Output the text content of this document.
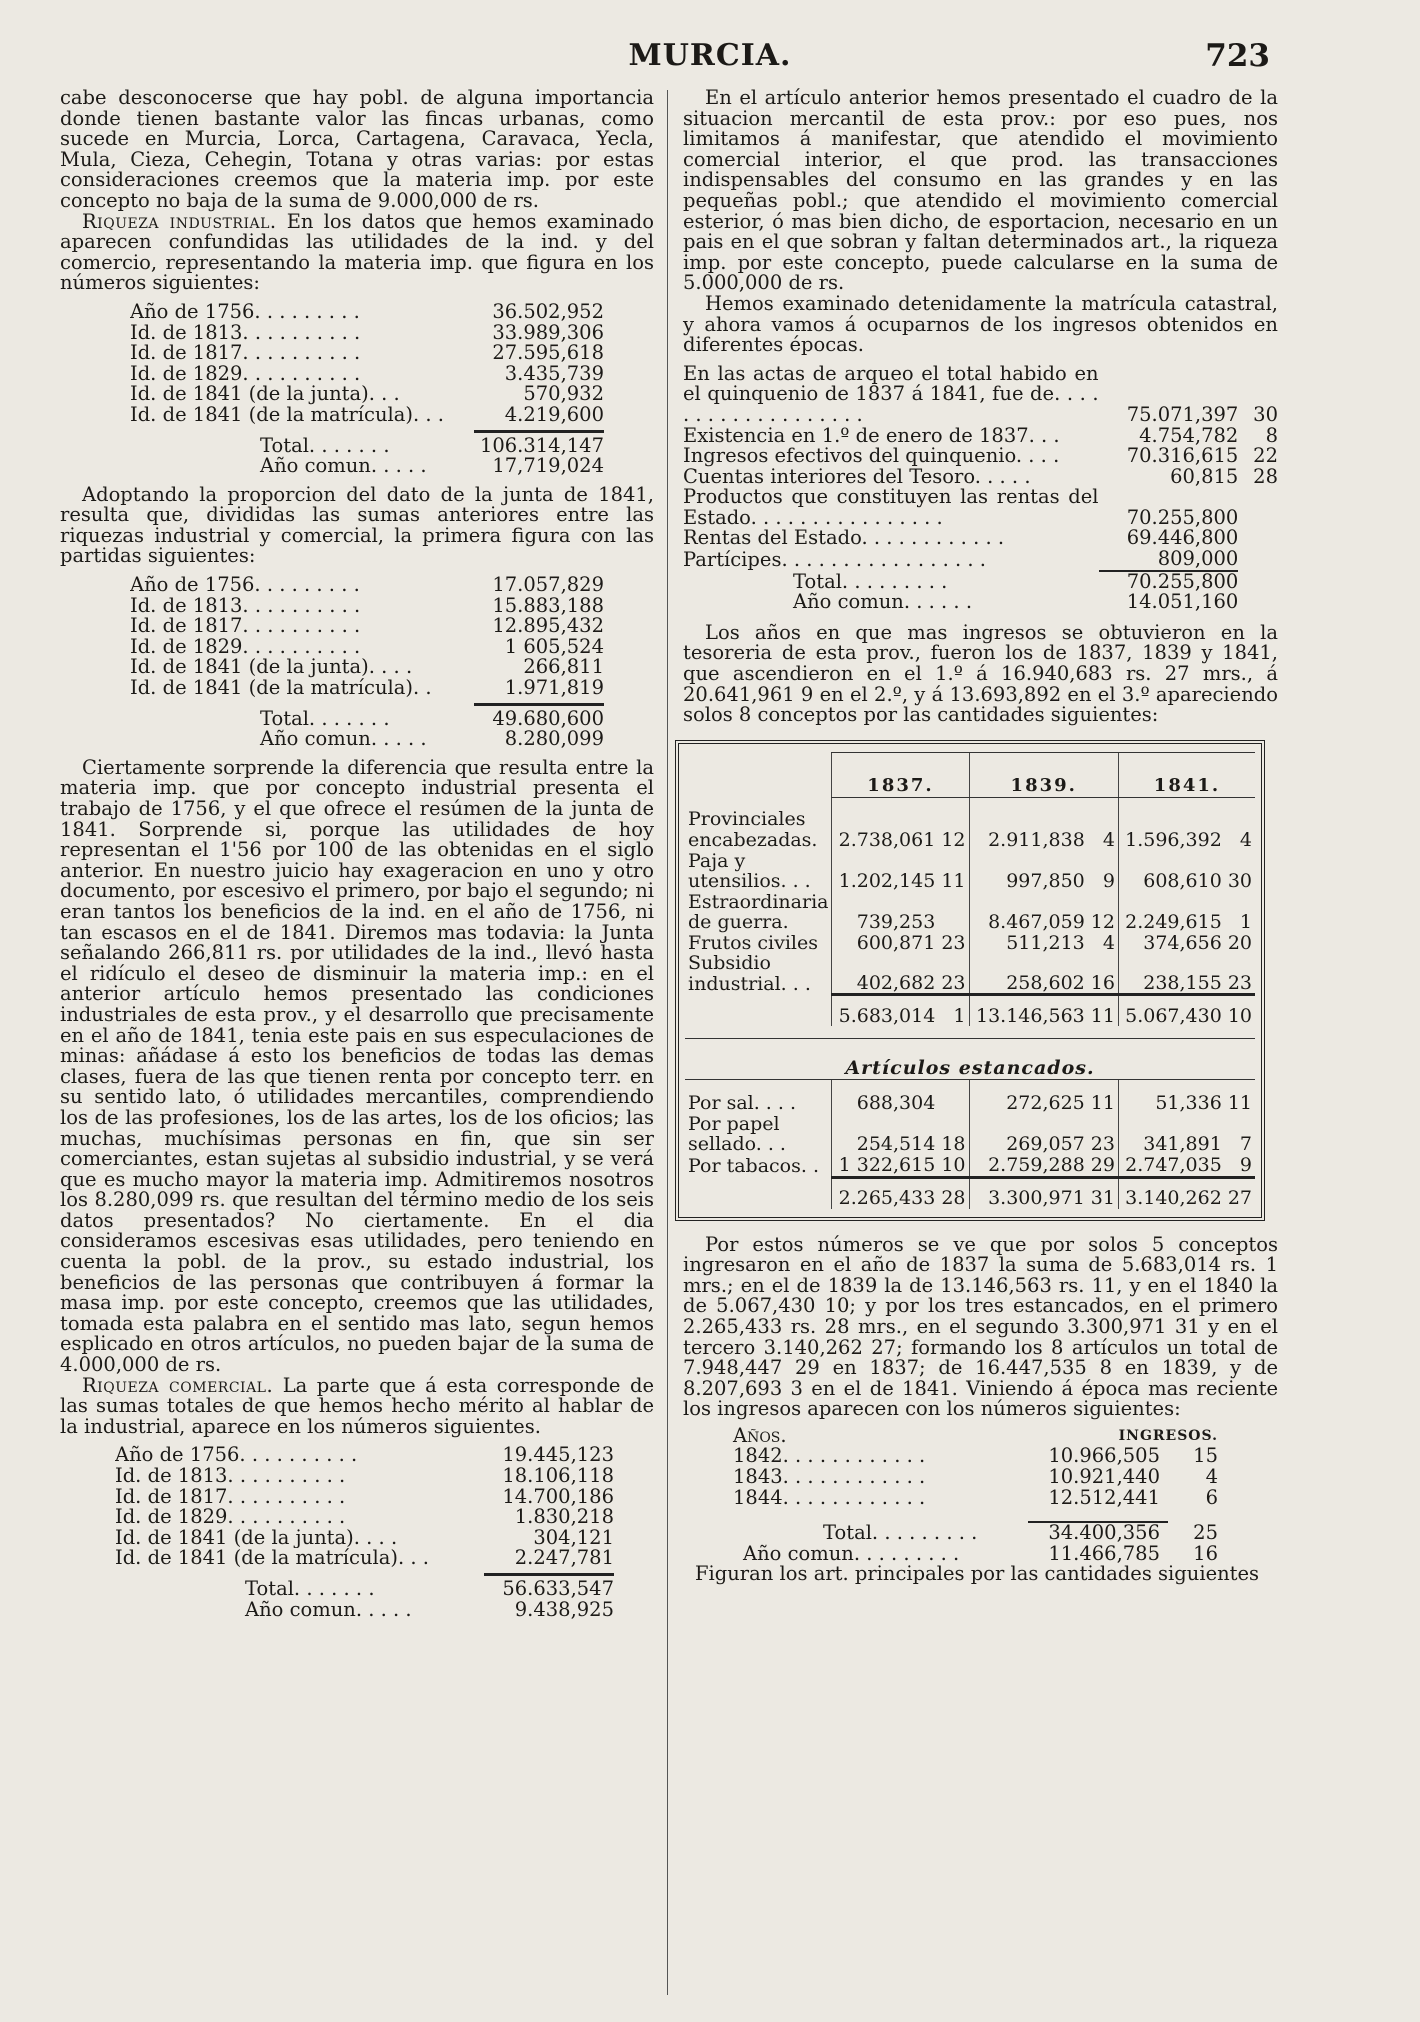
MURCIA.	723

cabe desconocerse que hay pobl. de alguna importancia donde tienen bastante valor las fincas urbanas, como sucede en Murcia, Lorca, Cartagena, Caravaca, Yecla, Mula, Cieza, Cehegin, Totana y otras varias: por estas consideraciones creemos que la materia imp. por este concepto no baja de la suma de 9.000,000 de rs.

Riqueza industrial. En los datos que hemos examinado aparecen confundidas las utilidades de la ind. y del comercio, representando la materia imp. que figura en los números siguientes:

Año de 1756. . . . . . . . .	36.502,952
Id. de 1813. . . . . . . . . .	33.989,306
Id. de 1817. . . . . . . . . .	27.595,618
Id. de 1829. . . . . . . . . .	3.435,739
Id. de 1841 (de la junta). . .	570,932
Id. de 1841 (de la matrícula). . .	4.219,600
Total. . . . . . .	106.314,147
Año comun. . . . .	17,719,024

Adoptando la proporcion del dato de la junta de 1841, resulta que, divididas las sumas anteriores entre las riquezas industrial y comercial, la primera figura con las partidas siguientes:

Año de 1756. . . . . . . . .	17.057,829
Id. de 1813. . . . . . . . . .	15.883,188
Id. de 1817. . . . . . . . . .	12.895,432
Id. de 1829. . . . . . . . . .	1 605,524
Id. de 1841 (de la junta). . . .	266,811
Id. de 1841 (de la matrícula). .	1.971,819
Total. . . . . . .	49.680,600
Año comun. . . . .	8.280,099

Ciertamente sorprende la diferencia que resulta entre la materia imp. que por concepto industrial presenta el trabajo de 1756, y el que ofrece el resúmen de la junta de 1841. Sorprende si, porque las utilidades de hoy representan el 1'56 por 100 de las obtenidas en el siglo anterior. En nuestro juicio hay exageracion en uno y otro documento, por escesivo el primero, por bajo el segundo; ni eran tantos los beneficios de la ind. en el año de 1756, ni tan escasos en el de 1841. Diremos mas todavia: la Junta señalando 266,811 rs. por utilidades de la ind., llevó hasta el ridículo el deseo de disminuir la materia imp.: en el anterior artículo hemos presentado las condiciones industriales de esta prov., y el desarrollo que precisamente en el año de 1841, tenia este pais en sus especulaciones de minas: añádase á esto los beneficios de todas las demas clases, fuera de las que tienen renta por concepto terr. en su sentido lato, ó utilidades mercantiles, comprendiendo los de las profesiones, los de las artes, los de los oficios; las muchas, muchísimas personas en fin, que sin ser comerciantes, estan sujetas al subsidio industrial, y se verá que es mucho mayor la materia imp. Admitiremos nosotros los 8.280,099 rs. que resultan del término medio de los seis datos presentados? No ciertamente. En el dia consideramos escesivas esas utilidades, pero teniendo en cuenta la pobl. de la prov., su estado industrial, los beneficios de las personas que contribuyen á formar la masa imp. por este concepto, creemos que las utilidades, tomada esta palabra en el sentido mas lato, segun hemos esplicado en otros artículos, no pueden bajar de la suma de 4.000,000 de rs.

Riqueza comercial. La parte que á esta corresponde de las sumas totales de que hemos hecho mérito al hablar de la industrial, aparece en los números siguientes.

Año de 1756. . . . . . . . . .	19.445,123
Id. de 1813. . . . . . . . . .	18.106,118
Id. de 1817. . . . . . . . . .	14.700,186
Id. de 1829. . . . . . . . . .	1.830,218
Id. de 1841 (de la junta). . . .	304,121
Id. de 1841 (de la matrícula). . .	2.247,781
Total. . . . . . .	56.633,547
Año comun. . . . .	9.438,925

En el artículo anterior hemos presentado el cuadro de la situacion mercantil de esta prov.: por eso pues, nos limitamos á manifestar, que atendido el movimiento comercial interior, el que prod. las transacciones indispensables del consumo en las grandes y en las pequeñas pobl.; que atendido el movimiento comercial esterior, ó mas bien dicho, de esportacion, necesario en un pais en el que sobran y faltan determinados art., la riqueza imp. por este concepto, puede calcularse en la suma de 5.000,000 de rs.

Hemos examinado detenidamente la matrícula catastral, y ahora vamos á ocuparnos de los ingresos obtenidos en diferentes épocas.

En las actas de arqueo el total habido en el quinquenio de 1837 á 1841, fue de. . . . . . . . . . . . . . . . . . .	75.071,397	30
Existencia en 1.º de enero de 1837. . .	4.754,782	8
Ingresos efectivos del quinquenio. . . .	70.316,615	22
Cuentas interiores del Tesoro. . . . .	60,815	28
Productos que constituyen las rentas del Estado. . . . . . . . . . . . . . . .	70.255,800	
Rentas del Estado. . . . . . . . . . . .	69.446,800	
Partícipes. . . . . . . . . . . . . . . . .	809,000	
Total. . . . . . . . .	70.255,800	
Año comun. . . . . .	14.051,160	

Los años en que mas ingresos se obtuvieron en la tesoreria de esta prov., fueron los de 1837, 1839 y 1841, que ascendieron en el 1.º á 16.940,683 rs. 27 mrs., á 20.641,961 9 en el 2.º, y á 13.693,892 en el 3.º apareciendo solos 8 conceptos por las cantidades siguientes:

	1837.		1839.		1841.	

Provinciales encabezadas.	2.738,061	12	2.911,838	4	1.596,392	4
Paja y utensilios. . .	1.202,145	11	997,850	9	608,610	30
Estraordinaria de guerra.	739,253		8.467,059	12	2.249,615	1
Frutos civiles	600,871	23	511,213	4	374,656	20
Subsidio industrial. . .	402,682	23	258,602	16	238,155	23
	5.683,014	1	13.146,563	11	5.067,430	10

Artículos estancados.						

Por sal. . . .	688,304		272,625	11	51,336	11
Por papel sellado. . .	254,514	18	269,057	23	341,891	7
Por tabacos. .	1 322,615	10	2.759,288	29	2.747,035	9
	2.265,433	28	3.300,971	31	3.140,262	27

Por estos números se ve que por solos 5 conceptos ingresaron en el año de 1837 la suma de 5.683,014 rs. 1 mrs.; en el de 1839 la de 13.146,563 rs. 11, y en el 1840 la de 5.067,430 10; y por los tres estancados, en el primero 2.265,433 rs. 28 mrs., en el segundo 3.300,971 31 y en el tercero 3.140,262 27; formando los 8 artículos un total de 7.948,447 29 en 1837; de 16.447,535 8 en 1839, y de 8.207,693 3 en el de 1841. Viniendo á época mas reciente los ingresos aparecen con los números siguientes:

Años.	INGRESOS.	
1842. . . . . . . . . . . .	10.966,505	15
1843. . . . . . . . . . . .	10.921,440	4
1844. . . . . . . . . . . .	12.512,441	6

Total. . . . . . . . .	34.400,356	25
Año comun. . . . . . . . .	11.466,785	16

Figuran los art. principales por las cantidades siguientes
